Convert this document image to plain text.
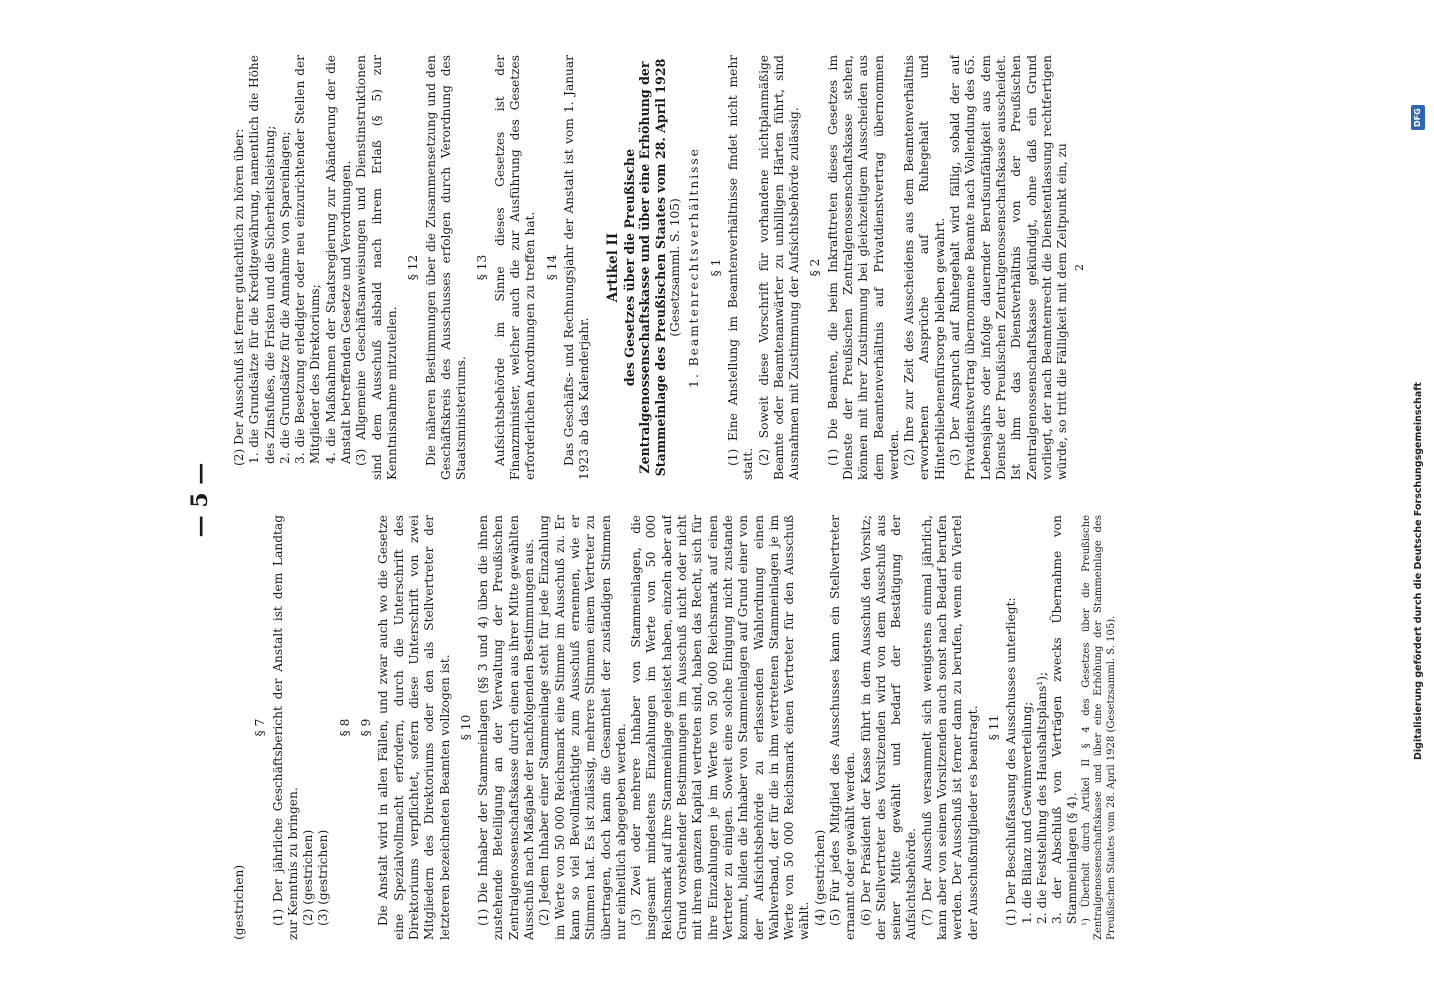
— 5 —

(gestrichen)

§ 7 (1) Der jährliche Geschäftsbericht der Anstalt ist dem Landtag zur Kenntnis zu bringen. (2) (gestrichen) (3) (gestrichen)

§ 8 § 9 Die Anstalt wird in allen Fällen, und zwar auch wo die Gesetze eine Spezialvollmacht erfordern, durch die Unterschrift des Direktoriums verpflichtet, sofern diese Unterschrift von zwei Mitgliedern des Direktoriums oder den als Stellvertreter der letzteren bezeichneten Beamten vollzogen ist. § 10 (1) Die Inhaber der Stammeinlagen (§§ 3 und 4) üben die ihnen zustehende Beteiligung an der Verwaltung der Preußischen Zentralgenossenschaftskasse durch einen aus ihrer Mitte gewählten Ausschuß nach Maßgabe der nachfolgenden Bestimmungen aus. (2) Jedem Inhaber einer Stammeinlage steht für jede Einzahlung im Werte von 50 000 Reichsmark eine Stimme im Ausschuß zu. Er kann so viel Bevollmächtigte zum Ausschuß ernennen, wie er Stimmen hat. Es ist zulässig, mehrere Stimmen einem Vertreter zu übertragen, doch kann die Gesamtheit der zuständigen Stimmen nur einheitlich abgegeben werden. (3) Zwei oder mehrere Inhaber von Stammeinlagen, die insgesamt mindestens Einzahlungen im Werte von 50 000 Reichsmark auf ihre Stammeinlage geleistet haben, einzeln aber auf Grund vorstehender Bestimmungen im Ausschuß nicht oder nicht mit ihrem ganzen Kapital vertreten sind, haben das Recht, sich für ihre Einzahlungen je im Werte von 50 000 Reichsmark auf einen Vertreter zu einigen. Soweit eine solche Einigung nicht zustande kommt, bilden die Inhaber von Stammeinlagen auf Grund einer von der Aufsichtsbehörde zu erlassenden Wahlordnung einen Wahlverband, der für die in ihm vertretenen Stammeinlagen je im Werte von 50 000 Reichsmark einen Vertreter für den Ausschuß wählt. (4) (gestrichen) (5) Für jedes Mitglied des Ausschusses kann ein Stellvertreter ernannt oder gewählt werden. (6) Der Präsident der Kasse führt in dem Ausschuß den Vorsitz; der Stellvertreter des Vorsitzenden wird von dem Ausschuß aus seiner Mitte gewählt und bedarf der Bestätigung der Aufsichtsbehörde. (7) Der Ausschuß versammelt sich wenigstens einmal jährlich, kann aber von seinem Vorsitzenden auch sonst nach Bedarf berufen werden. Der Ausschuß ist ferner dann zu berufen, wenn ein Viertel der Ausschußmitglieder es beantragt. § 11 (1) Der Beschlußfassung des Ausschusses unterliegt: 1. die Bilanz und Gewinnverteilung; 2. die Feststellung des Haushaltsplans¹); 3. der Abschluß von Verträgen zwecks Übernahme von Stammeinlagen (§ 4). ¹) Überholt durch Artikel II § 4 des Gesetzes über die Preußische Zentralgenossenschaftskasse und über eine Erhöhung der Stammeinlage des Preußischen Staates vom 28. April 1928 (Gesetzsamml. S. 105).

(2) Der Ausschuß ist ferner gutachtlich zu hören über: 1. die Grundsätze für die Kreditgewährung, namentlich die Höhe des Zinsfußes, die Fristen und die Sicherheitsleistung; 2. die Grundsätze für die Annahme von Spareinlagen; 3. die Besetzung erledigter oder neu einzurichtender Stellen der Mitglieder des Direktoriums; 4. die Maßnahmen der Staatsregierung zur Abänderung der die Anstalt betreffenden Gesetze und Verordnungen. (3) Allgemeine Geschäftsanweisungen und Dienstinstruktionen sind dem Ausschuß alsbald nach ihrem Erlaß (§ 5) zur Kenntnisnahme mitzuteilen.

§ 12 Die näheren Bestimmungen über die Zusammensetzung und den Geschäftskreis des Ausschusses erfolgen durch Verordnung des Staatsministeriums.

§ 13 Aufsichtsbehörde im Sinne dieses Gesetzes ist der Finanzminister, welcher auch die zur Ausführung des Gesetzes erforderlichen Anordnungen zu treffen hat. § 14 Das Geschäfts- und Rechnungsjahr der Anstalt ist vom 1. Januar 1923 ab das Kalenderjahr.

Artikel II des Gesetzes über die Preußische Zentralgenossenschaftskasse und über eine Erhöhung der Stammeinlage des Preußischen Staates vom 28. April 1928 (Gesetzsamml. S. 105) 1. Beamtenrechtsverhältnisse § 1 (1) Eine Anstellung im Beamtenverhältnisse findet nicht mehr statt. (2) Soweit diese Vorschrift für vorhandene nichtplanmäßige Beamte oder Beamtenanwärter zu unbilligen Härten führt, sind Ausnahmen mit Zustimmung der Aufsichtsbehörde zulässig. § 2 (1) Die Beamten, die beim Inkrafttreten dieses Gesetzes im Dienste der Preußischen Zentralgenossenschaftskasse stehen, können mit ihrer Zustimmung bei gleichzeitigem Ausscheiden aus dem Beamtenverhältnis auf Privatdienstvertrag übernommen werden. (2) Ihre zur Zeit des Ausscheidens aus dem Beamtenverhältnis erworbenen Ansprüche auf Ruhegehalt und Hinterbliebenenfürsorge bleiben gewahrt. (3) Der Anspruch auf Ruhegehalt wird fällig, sobald der auf Privatdienstvertrag übernommene Beamte nach Vollendung des 65. Lebensjahrs oder infolge dauernder Berufsunfähigkeit aus dem Dienste der Preußischen Zentralgenossenschaftskasse ausscheidet. Ist ihm das Dienstverhältnis von der Preußischen Zentralgenossenschaftskasse gekündigt, ohne daß ein Grund vorliegt, der nach Beamtenrecht die Dienstentlassung rechtfertigen würde, so tritt die Fälligkeit mit dem Zeitpunkt ein, zu 2
Digitalisierung gefördert durch die Deutsche Forschungsgemeinschaft
DFG
